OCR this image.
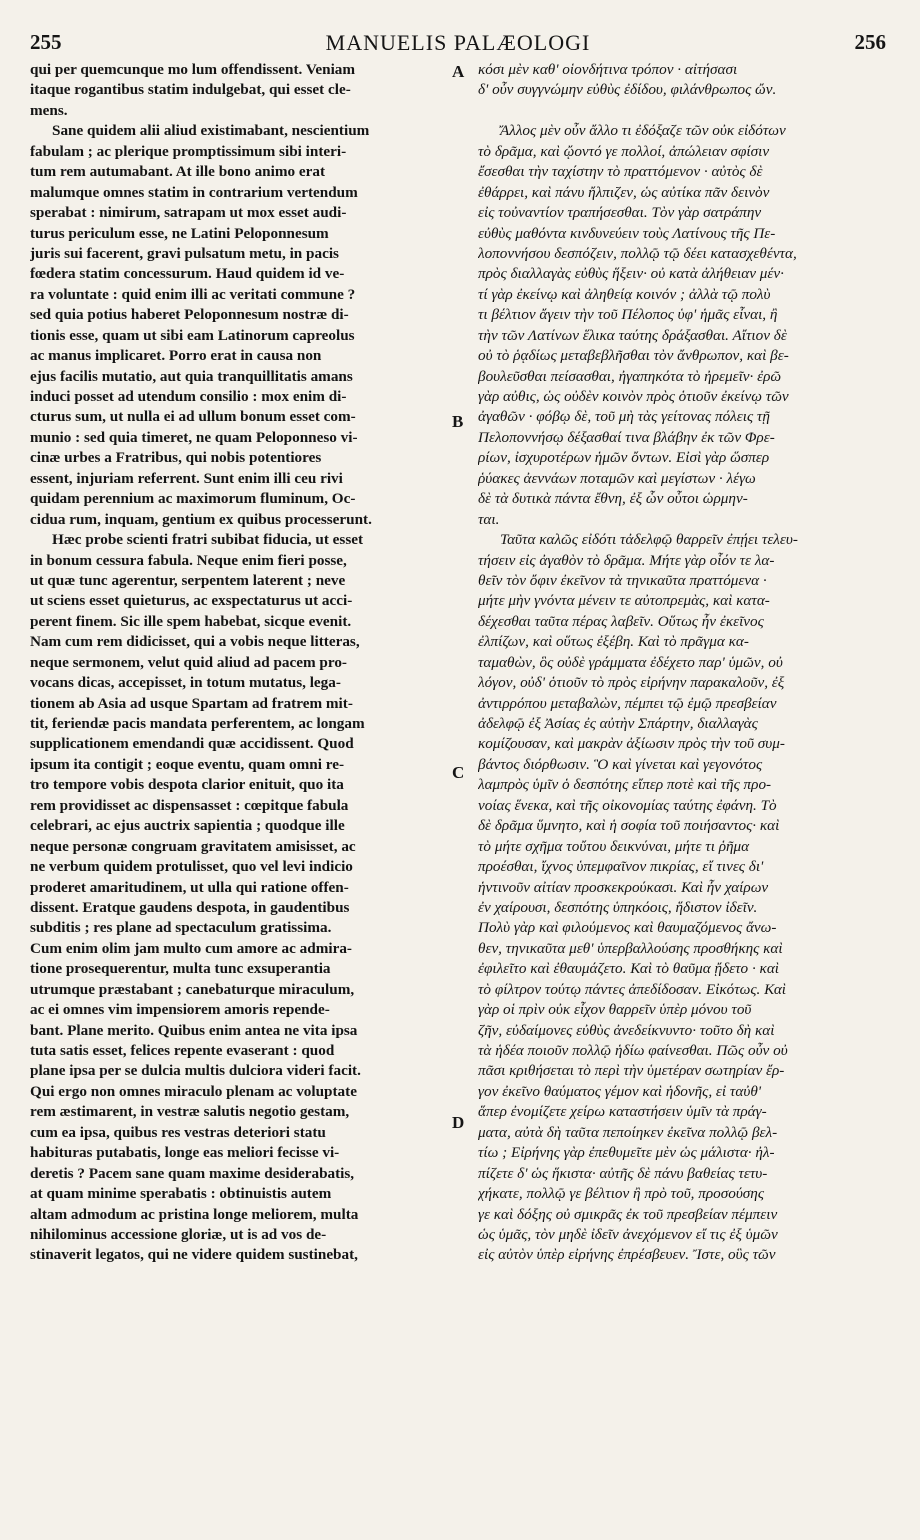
255	MANUELIS PALÆOLOGI	256
qui per quemcunque mo lum offendissent. Veniam
itaque rogantibus statim indulgebat, qui esset cle-
mens.
Sane quidem alii aliud existimabant, nescientium
fabulam ; ac plerique promptissimum sibi interi-
tum rem autumabant. At ille bono animo erat
malumque omnes statim in contrarium vertendum
sperabat : nimirum, satrapam ut mox esset audi-
turus periculum esse, ne Latini Peloponnesum
juris sui facerent, gravi pulsatum metu, in pacis
fœdera statim concessurum. Haud quidem id ve-
ra voluntate : quid enim illi ac veritati commune ?
sed quia potius haberet Peloponnesum nostræ di-
tionis esse, quam ut sibi eam Latinorum capreolus
ac manus implicaret. Porro erat in causa non
ejus facilis mutatio, aut quia tranquillitatis amans
induci posset ad utendum consilio : mox enim di-
cturus sum, ut nulla ei ad ullum bonum esset com-
munio : sed quia timeret, ne quam Peloponneso vi-
cinæ urbes a Fratribus, qui nobis potentiores
essent, injuriam referrent. Sunt enim illi ceu rivi
quidam perennium ac maximorum fluminum, Oc-
cidua rum, inquam, gentium ex quibus processerunt.
Hæc probe scienti fratri subibat fiducia, ut esset
in bonum cessura fabula. Neque enim fieri posse,
ut quæ tunc agerentur, serpentem laterent ; neve
ut sciens esset quieturus, ac exspectaturus ut acci-
perent finem. Sic ille spem habebat, sicque evenit.
Nam cum rem didicisset, qui a vobis neque litteras,
neque sermonem, velut quid aliud ad pacem pro-
vocans dicas, accepisset, in totum mutatus, lega-
tionem ab Asia ad usque Spartam ad fratrem mit-
tit, feriendæ pacis mandata perferentem, ac longam
supplicationem emendandi quæ accidissent. Quod
ipsum ita contigit ; eoque eventu, quam omni re-
tro tempore vobis despota clarior enituit, quo ita
rem providisset ac dispensasset : cœpitque fabula
celebrari, ac ejus auctrix sapientia ; quodque ille
neque personæ congruam gravitatem amisisset, ac
ne verbum quidem protulisset, quo vel levi indicio
proderet amaritudinem, ut ulla qui ratione offen-
dissent. Eratque gaudens despota, in gaudentibus
subditis ; res plane ad spectaculum gratissima.
Cum enim olim jam multo cum amore ac admira-
tione prosequerentur, multa tunc exsuperantia
utrumque præstabant ; canebaturque miraculum,
ac ei omnes vim impensiorem amoris repende-
bant. Plane merito. Quibus enim antea ne vita ipsa
tuta satis esset, felices repente evaserant : quod
plane ipsa per se dulcia multis dulciora videri facit.
Qui ergo non omnes miraculo plenam ac voluptate
rem æstimarent, in vestræ salutis negotio gestam,
cum ea ipsa, quibus res vestras deteriori statu
habituras putabatis, longe eas meliori fecisse vi-
deretis ? Pacem sane quam maxime desiderabatis,
at quam minime sperabatis : obtinuistis autem
altam admodum ac pristina longe meliorem, multa
nihilominus accessione gloriæ, ut is ad vos de-
stinaverit legatos, qui ne videre quidem sustinebat,
κόσι μὲν καθ' οἱονδήτινα τρόπον · αἰτήσασι
δ' οὖν συγγνώμην εὐθὺς ἐδίδου, φιλάνθρωπος ὤν.
Ἄλλος μὲν οὖν ἄλλο τι ἐδόξαζε τῶν οὐκ εἰδότων
τὸ δρᾶμα, καὶ ᾤοντό γε πολλοί, ἀπώλειαν σφίσιν
ἔσεσθαι τὴν ταχίστην τὸ πραττόμενον · αὐτὸς δὲ
ἐθάρρει, καὶ πάνυ ἤλπιζεν, ὡς αὐτίκα πᾶν δεινὸν
εἰς τοὐναντίον τραπήσεσθαι. Τὸν γὰρ σατράπην
εὐθὺς μαθόντα κινδυνεύειν τοὺς Λατίνους τῆς Πε-
λοποννήσου δεσπόζειν, πολλῷ τῷ δέει κατασχεθέντα,
πρὸς διαλλαγὰς εὐθὺς ἥξειν· οὐ κατὰ ἀλήθειαν μέν·
τί γὰρ ἐκείνῳ καὶ ἀληθείᾳ κοινόν ; ἀλλὰ τῷ πολὺ
τι βέλτιον ἄγειν τὴν τοῦ Πέλοπος ὑφ' ἡμᾶς εἶναι, ἢ
τὴν τῶν Λατίνων ἕλικα ταύτης δράξασθαι. Αἴτιον δὲ
οὐ τὸ ῥᾳδίως μεταβεβλῆσθαι τὸν ἄνθρωπον, καὶ βε-
βουλεῦσθαι πείσασθαι, ἠγαπηκότα τὸ ἠρεμεῖν· ἐρῶ
γὰρ αὐθις, ὡς οὐδὲν κοινὸν πρὸς ὁτιοῦν ἐκείνῳ τῶν
ἀγαθῶν · φόβῳ δὲ, τοῦ μὴ τὰς γείτονας πόλεις τῇ
Πελοποννήσῳ δέξασθαί τινα βλάβην ἐκ τῶν Φρε-
ρίων, ἰσχυροτέρων ἡμῶν ὄντων. Εἰσὶ γὰρ ὥσπερ
ῥύακες ἀεννάων ποταμῶν καὶ μεγίστων · λέγω
δὲ τὰ δυτικὰ πάντα ἔθνη, ἐξ ὧν οὗτοι ὡρμην-
ται.
Ταῦτα καλῶς εἰδότι τἀδελφῷ θαρρεῖν ἐπῄει τελευ-
τήσειν εἰς ἀγαθὸν τὸ δρᾶμα. Μήτε γὰρ οἷόν τε λα-
θεῖν τὸν ὄφιν ἐκεῖνον τὰ τηνικαῦτα πραττόμενα ·
μήτε μὴν γνόντα μένειν τε αὐτοπρεμὰς, καὶ κατα-
δέχεσθαι ταῦτα πέρας λαβεῖν. Οὕτως ἦν ἐκεῖνος
ἐλπίζων, καὶ οὕτως ἐξέβη. Καὶ τὸ πρᾶγμα κα-
ταμαθὼν, ὃς οὐδὲ γράμματα ἐδέχετο παρ' ὑμῶν, οὐ
λόγον, οὐδ' ὁτιοῦν τὸ πρὸς εἰρήνην παρακαλοῦν, ἐξ
ἀντιρρόπου μεταβαλὼν, πέμπει τῷ ἐμῷ πρεσβείαν
ἀδελφῷ ἐξ Ἀσίας ἐς αὐτὴν Σπάρτην, διαλλαγὰς
κομίζουσαν, καὶ μακρὰν ἀξίωσιν πρὸς τὴν τοῦ συμ-
βάντος διόρθωσιν. Ὃ καὶ γίνεται καὶ γεγονότος
λαμπρὸς ὑμῖν ὁ δεσπότης εἴπερ ποτὲ καὶ τῆς προ-
νοίας ἕνεκα, καὶ τῆς οἰκονομίας ταύτης ἐφάνη. Τὸ
δὲ δρᾶμα ὕμνητο, καὶ ἡ σοφία τοῦ ποιήσαντος· καὶ
τὸ μήτε σχῆμα τοὔτου δεικνύναι, μήτε τι ῥῆμα
προέσθαι, ἴχνος ὑπεμφαῖνον πικρίας, εἴ τινες δι'
ἡντινοῦν αἰτίαν προσκεκρούκασι. Καὶ ἦν χαίρων
ἐν χαίρουσι, δεσπότης ὑπηκόοις, ἥδιστον ἰδεῖν.
Πολὺ γὰρ καὶ φιλούμενος καὶ θαυμαζόμενος ἄνω-
θεν, τηνικαῦτα μεθ' ὑπερβαλλούσης προσθήκης καὶ
ἐφιλεῖτο καὶ ἐθαυμάζετο. Καὶ τὸ θαῦμα ᾔδετο · καὶ
τὸ φίλτρον τούτῳ πάντες ἀπεδίδοσαν. Εἰκότως. Καὶ
γὰρ οἱ πρὶν οὐκ εἶχον θαρρεῖν ὑπὲρ μόνου τοῦ
ζῆν, εὐδαίμονες εὐθὺς ἀνεδείκνυντο· τοῦτο δὴ καὶ
τὰ ἡδέα ποιοῦν πολλῷ ἡδίω φαίνεσθαι. Πῶς οὖν οὐ
πᾶσι κριθήσεται τὸ περὶ τὴν ὑμετέραν σωτηρίαν ἔρ-
γον ἐκεῖνο θαύματος γέμον καὶ ἡδονῆς, εἰ ταὐθ'
ἅπερ ἐνομίζετε χείρω καταστήσειν ὑμῖν τὰ πράγ-
ματα, αὐτὰ δὴ ταῦτα πεποίηκεν ἐκεῖνα πολλῷ βελ-
τίω ; Εἰρήνης γὰρ ἐπεθυμεῖτε μὲν ὡς μάλιστα· ἠλ-
πίζετε δ' ὡς ἥκιστα· αὐτῆς δὲ πάνυ βαθείας τετυ-
χήκατε, πολλῷ γε βέλτιον ἢ πρὸ τοῦ, προσούσης
γε καὶ δόξης οὐ σμικρᾶς ἐκ τοῦ πρεσβείαν πέμπειν
ὡς ὑμᾶς, τὸν μηδὲ ἰδεῖν ἀνεχόμενον εἴ τις ἐξ ὑμῶν
εἰς αὐτὸν ὑπὲρ εἰρήνης ἐπρέσβευεν. Ἴστε, οὓς τῶν
A
B
C
D
